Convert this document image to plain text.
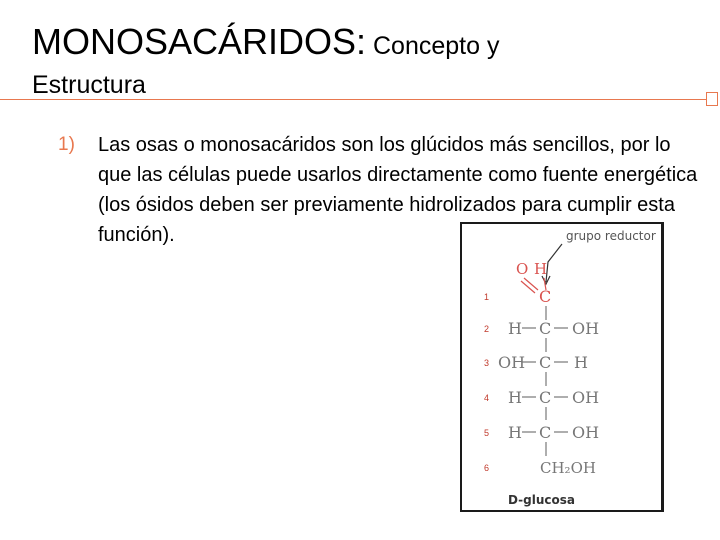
MONOSACÁRIDOS: Concepto y
Estructura
1) Las osas o monosacáridos son los glúcidos más sencillos, por lo que las células puede usarlos directamente como fuente energética (los ósidos deben ser previamente hidrolizados para cumplir esta función).	grupo reductor
O H
1	C
2 H C OH
3 OH C H
4 H C OH
5 H C OH
6	CH₂OH
D-glucosa
